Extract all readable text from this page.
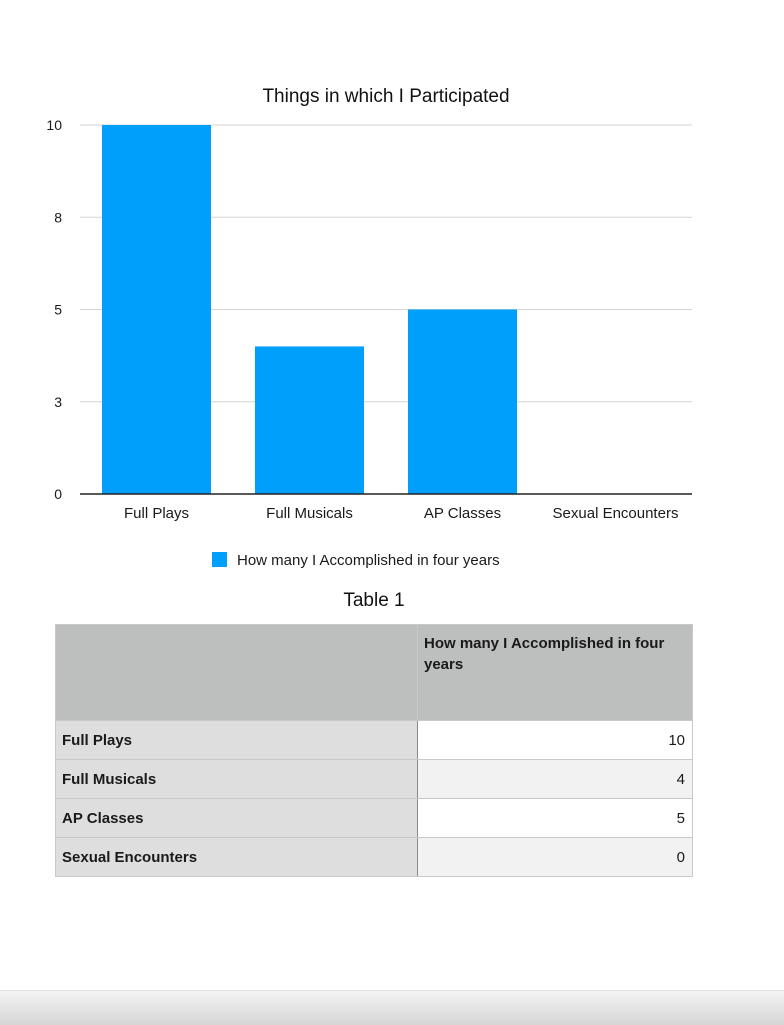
Things in which I Participated
0
3
5
8
10
Full Plays	Full Musicals	AP Classes	Sexual Encounters
How many I Accomplished in four years
Table 1
	How many I Accomplished in four years
Full Plays	10
Full Musicals	4
AP Classes	5
Sexual Encounters	0
